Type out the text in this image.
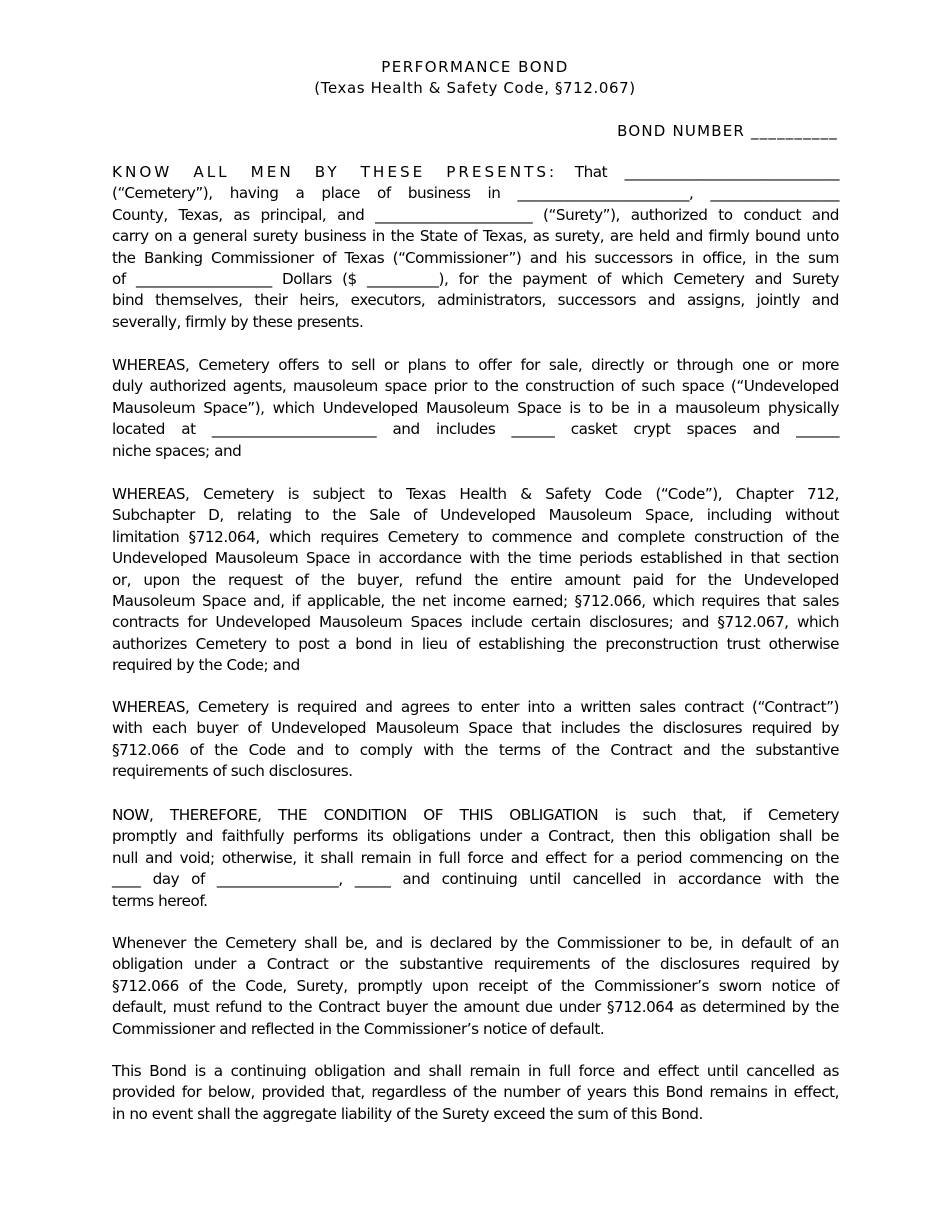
PERFORMANCE BOND
(Texas Health & Safety Code, §712.067)
BOND NUMBER __________
KNOW ALL MEN BY THESE PRESENTS: That ______________________________
(“Cemetery”), having a place of business in ________________________, __________________
County, Texas, as principal, and ______________________ (“Surety”), authorized to conduct and
carry on a general surety business in the State of Texas, as surety, are held and firmly bound unto
the Banking Commissioner of Texas (“Commissioner”) and his successors in office, in the sum
of ___________________ Dollars ($ __________), for the payment of which Cemetery and Surety
bind themselves, their heirs, executors, administrators, successors and assigns, jointly and
severally, firmly by these presents.
WHEREAS, Cemetery offers to sell or plans to offer for sale, directly or through one or more
duly authorized agents, mausoleum space prior to the construction of such space (“Undeveloped
Mausoleum Space”), which Undeveloped Mausoleum Space is to be in a mausoleum physically
located at _______________________ and includes ______ casket crypt spaces and ______
niche spaces; and
WHEREAS, Cemetery is subject to Texas Health & Safety Code (“Code”), Chapter 712,
Subchapter D, relating to the Sale of Undeveloped Mausoleum Space, including without
limitation §712.064, which requires Cemetery to commence and complete construction of the
Undeveloped Mausoleum Space in accordance with the time periods established in that section
or, upon the request of the buyer, refund the entire amount paid for the Undeveloped
Mausoleum Space and, if applicable, the net income earned; §712.066, which requires that sales
contracts for Undeveloped Mausoleum Spaces include certain disclosures; and §712.067, which
authorizes Cemetery to post a bond in lieu of establishing the preconstruction trust otherwise
required by the Code; and
WHEREAS, Cemetery is required and agrees to enter into a written sales contract (“Contract”)
with each buyer of Undeveloped Mausoleum Space that includes the disclosures required by
§712.066 of the Code and to comply with the terms of the Contract and the substantive
requirements of such disclosures.
NOW, THEREFORE, THE CONDITION OF THIS OBLIGATION is such that, if Cemetery
promptly and faithfully performs its obligations under a Contract, then this obligation shall be
null and void; otherwise, it shall remain in full force and effect for a period commencing on the
____ day of _________________, _____ and continuing until cancelled in accordance with the
terms hereof.
Whenever the Cemetery shall be, and is declared by the Commissioner to be, in default of an
obligation under a Contract or the substantive requirements of the disclosures required by
§712.066 of the Code, Surety, promptly upon receipt of the Commissioner’s sworn notice of
default, must refund to the Contract buyer the amount due under §712.064 as determined by the
Commissioner and reflected in the Commissioner’s notice of default.
This Bond is a continuing obligation and shall remain in full force and effect until cancelled as
provided for below, provided that, regardless of the number of years this Bond remains in effect,
in no event shall the aggregate liability of the Surety exceed the sum of this Bond.
